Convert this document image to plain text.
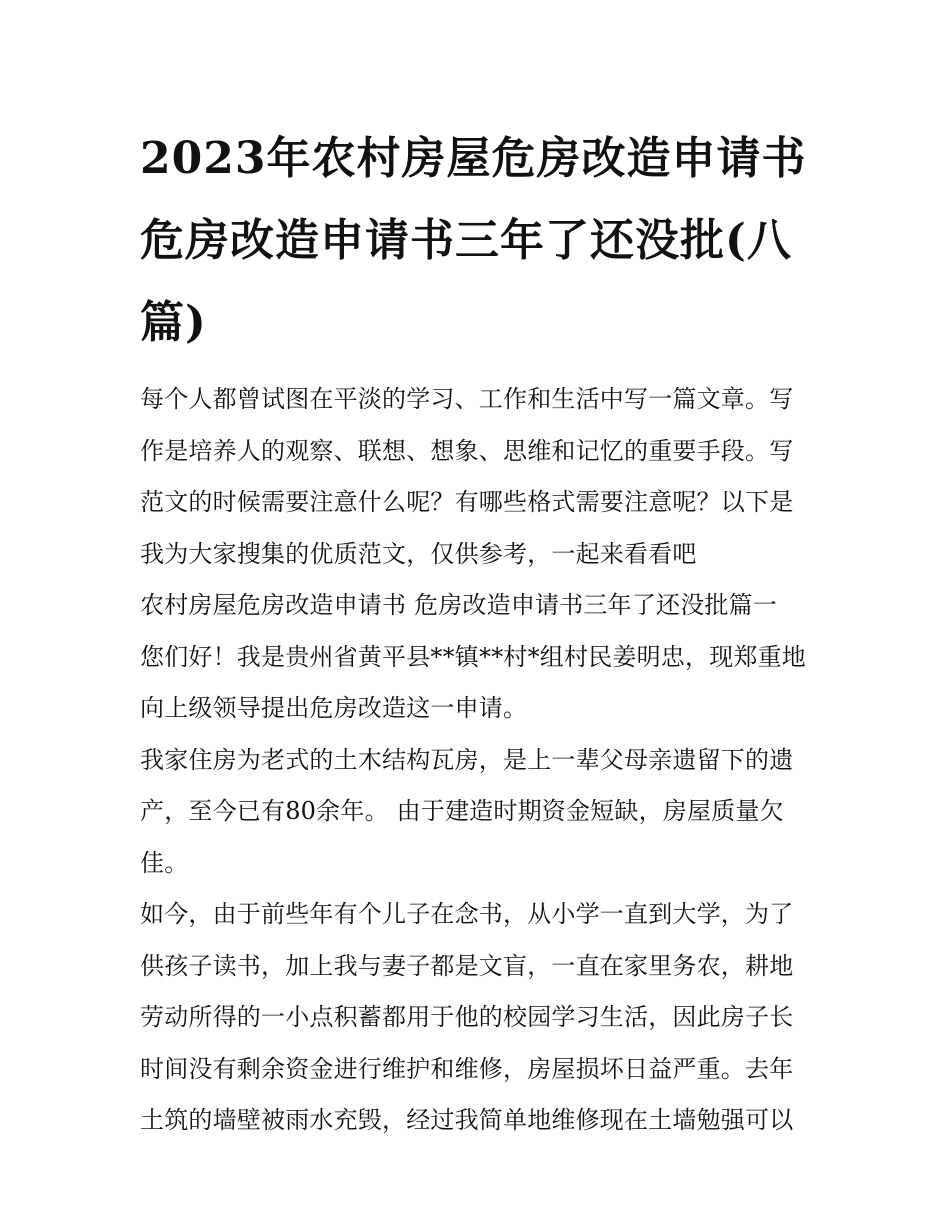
2023年农村房屋危房改造申请书 危房改造申请书三年了还没批(八篇)

每个人都曾试图在平淡的学习、工作和生活中写一篇文章。写作是培养人的观察、联想、想象、思维和记忆的重要手段。写范文的时候需要注意什么呢？有哪些格式需要注意呢？以下是我为大家搜集的优质范文，仅供参考，一起来看看吧

农村房屋危房改造申请书 危房改造申请书三年了还没批篇一

您们好！我是贵州省黄平县**镇**村*组村民姜明忠，现郑重地向上级领导提出危房改造这一申请。

我家住房为老式的土木结构瓦房，是上一辈父母亲遗留下的遗产，至今已有80余年。 由于建造时期资金短缺，房屋质量欠佳。

如今，由于前些年有个儿子在念书，从小学一直到大学，为了供孩子读书，加上我与妻子都是文盲，一直在家里务农，耕地劳动所得的一小点积蓄都用于他的校园学习生活，因此房子长时间没有剩余资金进行维护和维修，房屋损坏日益严重。去年土筑的墙壁被雨水充毁，经过我简单地维修现在土墙勉强可以
